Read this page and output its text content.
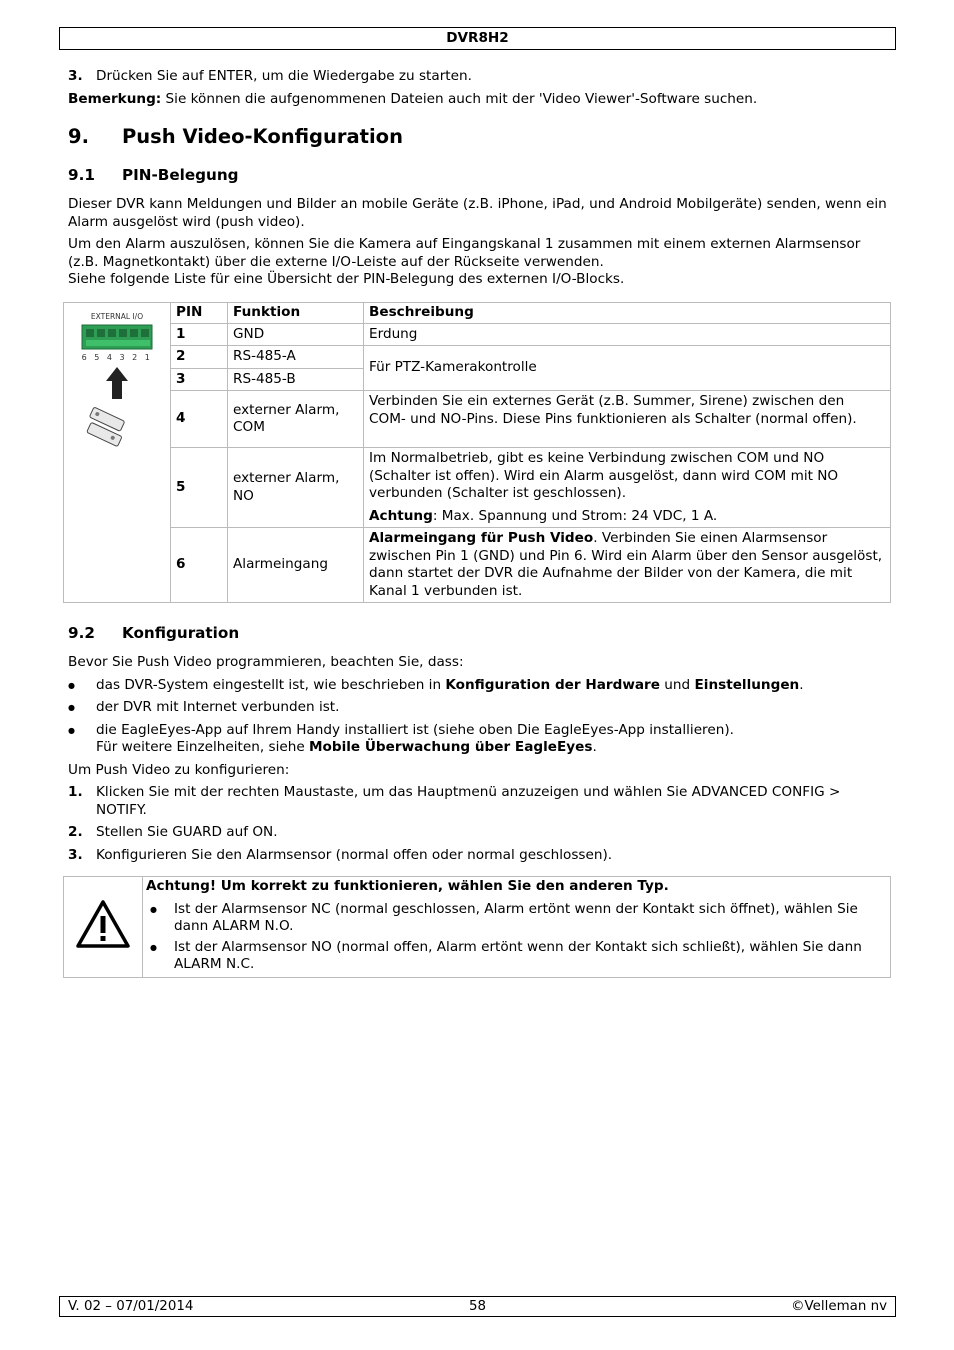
DVR8H2

3. Drücken Sie auf ENTER, um die Wiedergabe zu starten.

Bemerkung: Sie können die aufgenommenen Dateien auch mit der 'Video Viewer'-Software suchen.

9. Push Video-Konfiguration
9.1 PIN-Belegung

Dieser DVR kann Meldungen und Bilder an mobile Geräte (z.B. iPhone, iPad, und Android Mobilgeräte) senden, wenn ein Alarm ausgelöst wird (push video).

Um den Alarm auszulösen, können Sie die Kamera auf Eingangskanal 1 zusammen mit einem externen Alarmsensor (z.B. Magnetkontakt) über die externe I/O-Leiste auf der Rückseite verwenden.

Siehe folgende Liste für eine Übersicht der PIN-Belegung des externen I/O-Blocks.

EXTERNAL I/O
6 5 4 3 2 1	PIN	Funktion	Beschreibung
	1	GND	Erdung
	2	RS-485-A	Für PTZ-Kamerakontrolle
	3	RS-485-B	
	4	externer Alarm, COM	Verbinden Sie ein externes Gerät (z.B. Summer, Sirene) zwischen den COM- und NO-Pins. Diese Pins funktionieren als Schalter (normal offen).
	5	externer Alarm, NO	Im Normalbetrieb, gibt es keine Verbindung zwischen COM und NO (Schalter ist offen). Wird ein Alarm ausgelöst, dann wird COM mit NO verbunden (Schalter ist geschlossen).

Achtung: Max. Spannung und Strom: 24 VDC, 1 A.

	6	Alarmeingang	Alarmeingang für Push Video. Verbinden Sie einen Alarmsensor zwischen Pin 1 (GND) und Pin 6. Wird ein Alarm über den Sensor ausgelöst, dann startet der DVR die Aufnahme der Bilder von der Kamera, die mit Kanal 1 verbunden ist.
9.2 Konfiguration

Bevor Sie Push Video programmieren, beachten Sie, dass:

● das DVR-System eingestellt ist, wie beschrieben in Konfiguration der Hardware und Einstellungen.
● der DVR mit Internet verbunden ist.
● die EagleEyes-App auf Ihrem Handy installiert ist (siehe oben Die EagleEyes-App installieren).
Für weitere Einzelheiten, siehe Mobile Überwachung über EagleEyes.

Um Push Video zu konfigurieren:

1. Klicken Sie mit der rechten Maustaste, um das Hauptmenü anzuzeigen und wählen Sie ADVANCED CONFIG > NOTIFY.
2. Stellen Sie GUARD auf ON.
3. Konfigurieren Sie den Alarmsensor (normal offen oder normal geschlossen).

Achtung! Um korrekt zu funktionieren, wählen Sie den anderen Typ.

● Ist der Alarmsensor NC (normal geschlossen, Alarm ertönt wenn der Kontakt sich öffnet), wählen Sie dann ALARM N.O.
● Ist der Alarmsensor NO (normal offen, Alarm ertönt wenn der Kontakt sich schließt), wählen Sie dann ALARM N.C.
V. 02 – 07/01/2014	58	©Velleman nv
